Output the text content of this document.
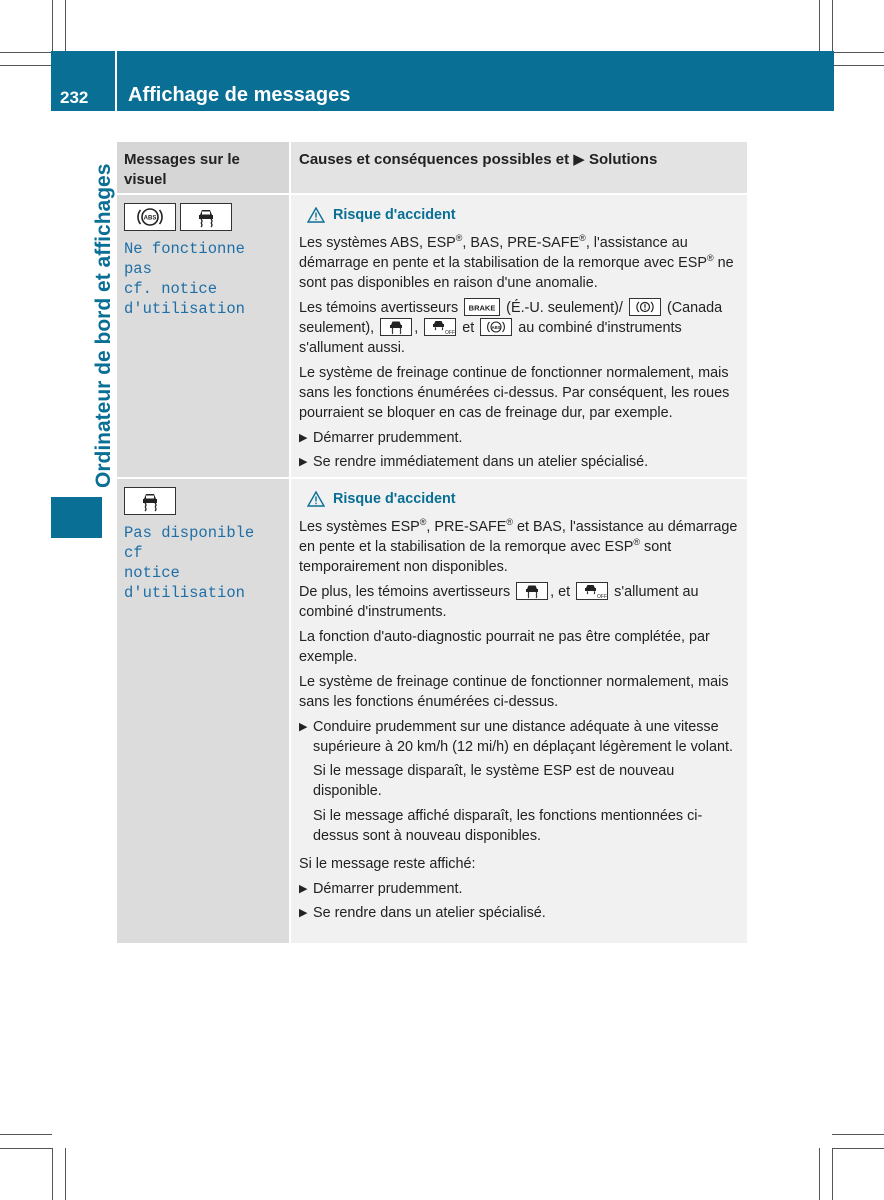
232 Affichage de messages
Ordinateur de bord et affichages
Messages sur le visuel
Causes et conséquences possibles et ▶ Solutions
ABS
Ne fonctionne pas
cf. notice
d'utilisation
Risque d'accident
Les systèmes ABS, ESP®, BAS, PRE-SAFE®, l'assistance au démarrage en pente et la stabilisation de la remorque avec ESP® ne sont pas disponibles en raison d'une anomalie.
Les témoins avertisseurs BRAKE (É.-U. seulement)/	(Canada seulement),	,	OFF et	ABS au combiné d'instruments s'allument aussi.
Le système de freinage continue de fonctionner normalement, mais sans les fonctions énumérées ci-dessus. Par conséquent, les roues pourraient se bloquer en cas de freinage dur, par exemple.
▶ Démarrer prudemment.
▶ Se rendre immédiatement dans un atelier spécialisé.
Pas disponible cf
notice
d'utilisation
Risque d'accident
Les systèmes ESP®, PRE-SAFE® et BAS, l'assistance au démarrage en pente et la stabilisation de la remorque avec ESP® sont temporairement non disponibles.
De plus, les témoins avertisseurs	, et	OFF s'allument au combiné d'instruments.
La fonction d'auto-diagnostic pourrait ne pas être complétée, par exemple.
Le système de freinage continue de fonctionner normalement, mais sans les fonctions énumérées ci-dessus.
▶ Conduire prudemment sur une distance adéquate à une vitesse supérieure à 20 km/h (12 mi/h) en déplaçant légèrement le volant.
Si le message disparaît, le système ESP est de nouveau disponible.
Si le message affiché disparaît, les fonctions mentionnées ci-dessus sont à nouveau disponibles.
Si le message reste affiché:
▶ Démarrer prudemment.
▶ Se rendre dans un atelier spécialisé.
